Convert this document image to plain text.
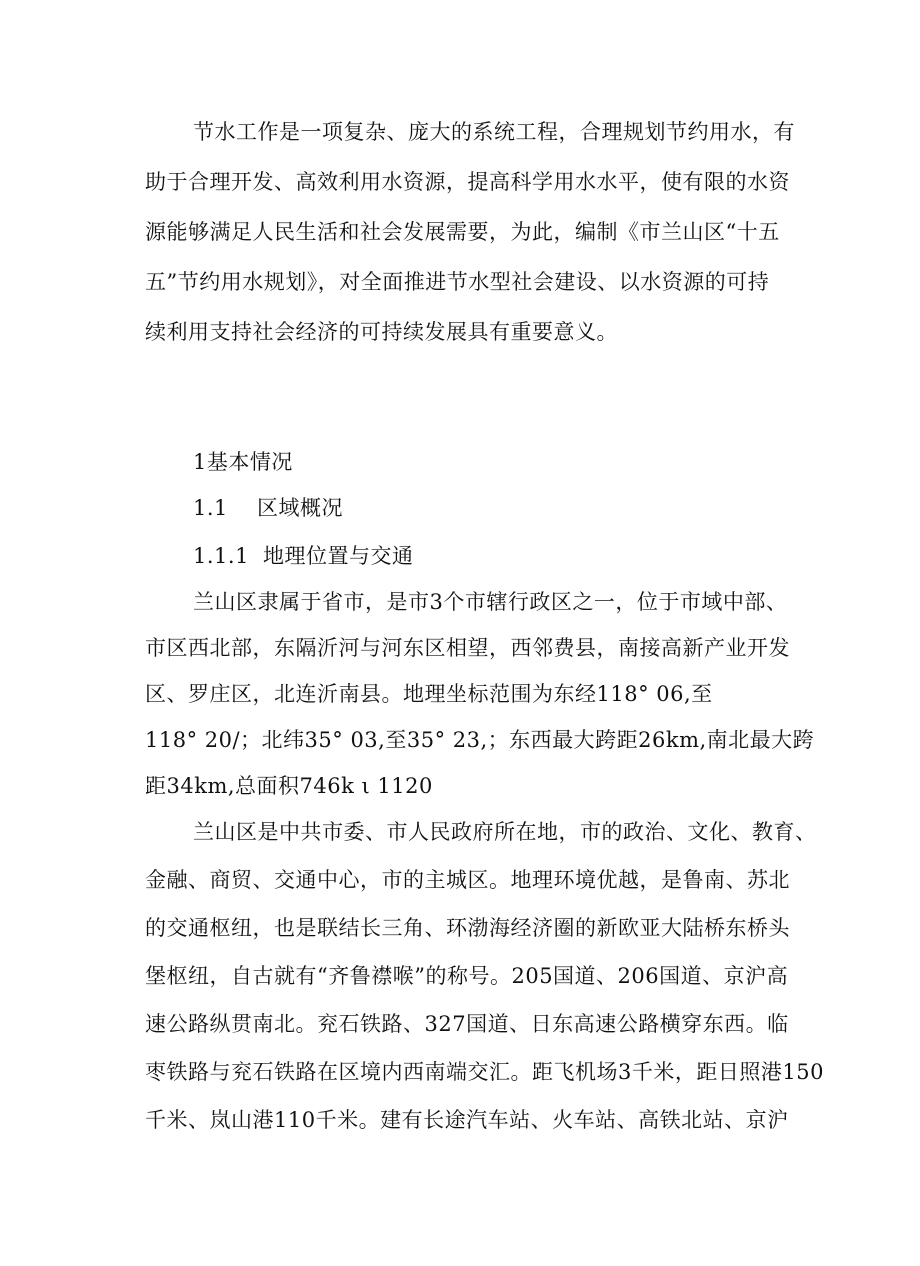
节水工作是一项复杂、庞大的系统工程，合理规划节约用水，有
助于合理开发、高效利用水资源，提高科学用水水平，使有限的水资
源能够满足人民生活和社会发展需要，为此，编制《市兰山区“十五
五”节约用水规划》，对全面推进节水型社会建设、以水资源的可持
续利用支持社会经济的可持续发展具有重要意义。
1基本情况
1.1 区域概况
1.1.1 地理位置与交通
兰山区隶属于省市，是市3个市辖行政区之一，位于市域中部、
市区西北部，东隔沂河与河东区相望，西邻费县，南接高新产业开发
区、罗庄区，北连沂南县。地理坐标范围为东经118° 06,至
118° 20/；北纬35° 03,至35° 23,；东西最大跨距26km,南北最大跨
距34km,总面积746k ι 1120
兰山区是中共市委、市人民政府所在地，市的政治、文化、教育、
金融、商贸、交通中心，市的主城区。地理环境优越，是鲁南、苏北
的交通枢纽，也是联结长三角、环渤海经济圈的新欧亚大陆桥东桥头
堡枢纽，自古就有“齐鲁襟喉”的称号。205国道、206国道、京沪高
速公路纵贯南北。兖石铁路、327国道、日东高速公路横穿东西。临
枣铁路与兖石铁路在区境内西南端交汇。距飞机场3千米，距日照港150
千米、岚山港110千米。建有长途汽车站、火车站、高铁北站、京沪
